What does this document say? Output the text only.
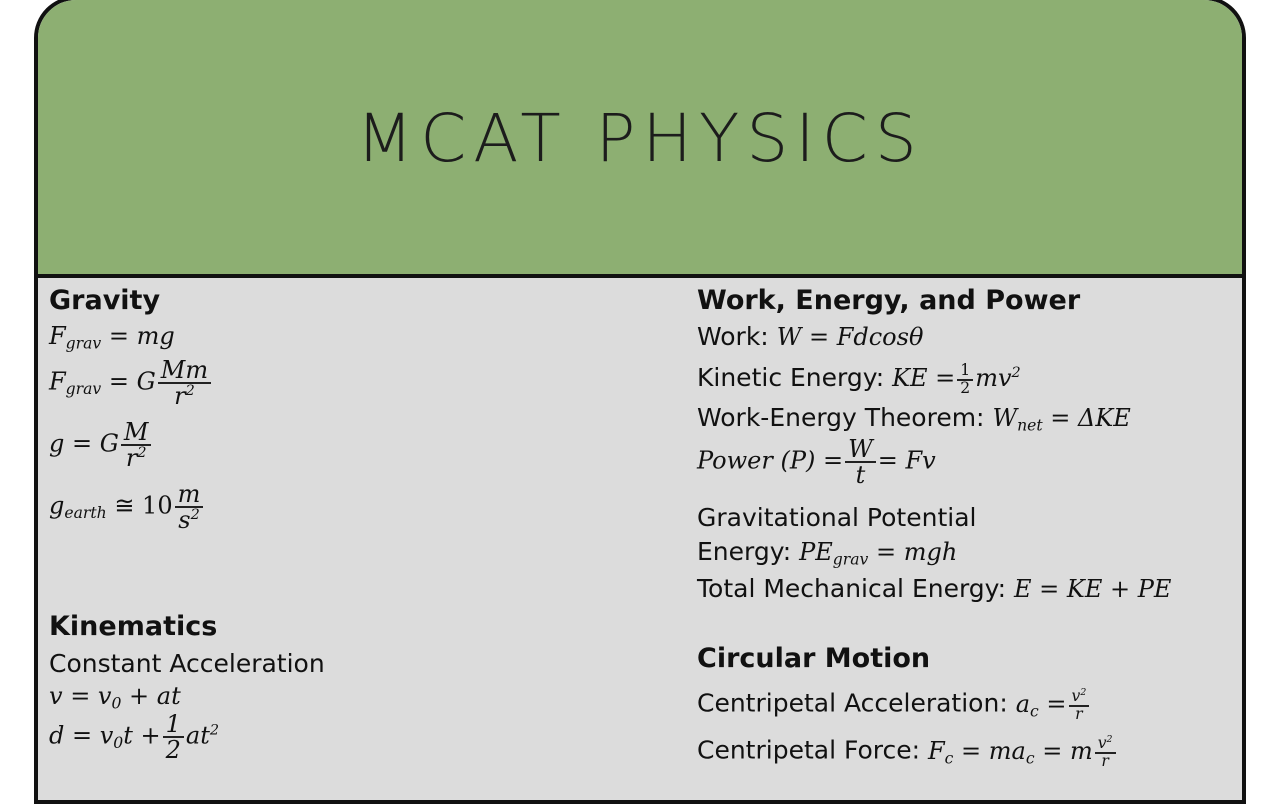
MCAT PHYSICS
Gravity
$F_{grav}$ = mg
$F_{grav} = G \frac{Mm}{r^2}$
g = G $\frac{M}{r^2}$
$g_{earth}$ ≅ $10 \frac{m}{s^2}$
Kinematics
Constant Acceleration
$v = v_0$ + at
$d = v_0t + \frac{1}{2} at^2$
Work, Energy, and Power
Work: W = Fdcosθ
Kinetic Energy: KE = $\frac{1}{2} mv^2$
Work-Energy Theorem: $W_{net} = \Delta KE$
Power $(P) = \frac{W}{t} = Fv$
Gravitational Potential
Energy: $PE_{grav}$ = mgh
Total Mechanical Energy: E = KE + PE
Circular Motion
Centripetal Acceleration: $a_c = \frac{v^2}{r}$
Centripetal Force: $F_c = ma_c = m \frac{v^2}{r}$
